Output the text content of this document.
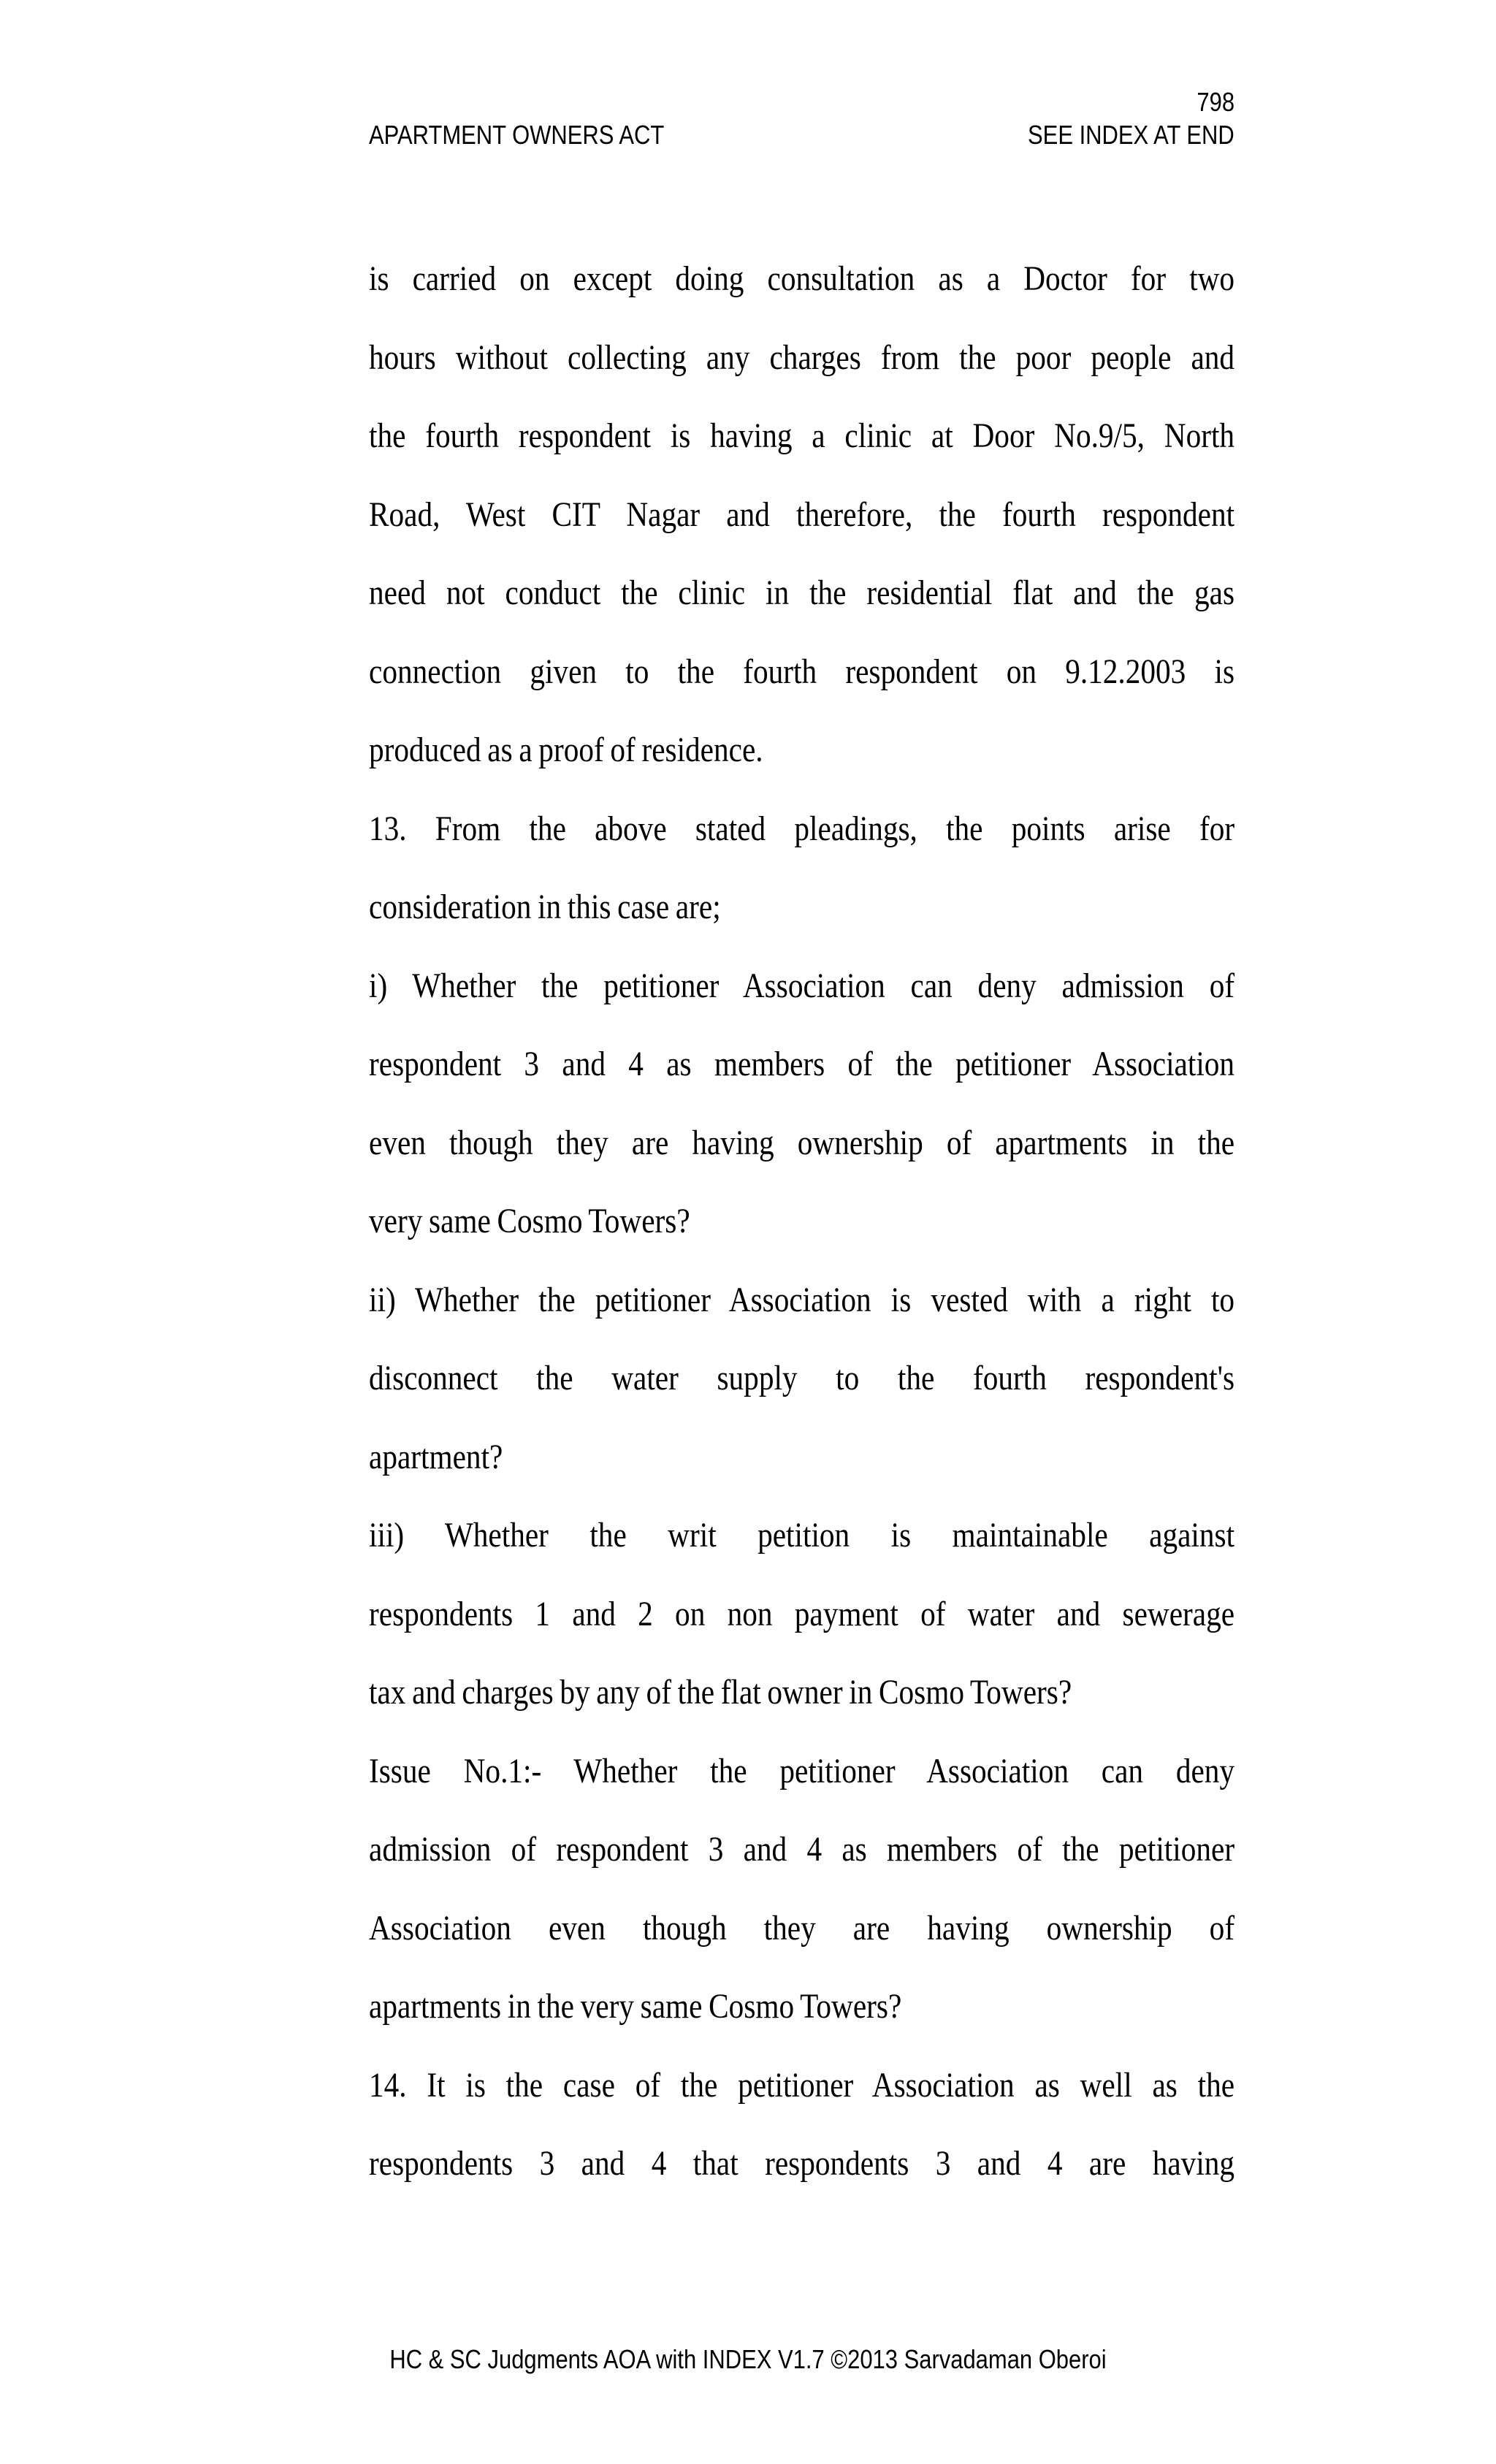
798
APARTMENT OWNERS ACT	SEE INDEX AT END
is carried on except doing consultation as a Doctor for two
hours without collecting any charges from the poor people and
the fourth respondent is having a clinic at Door No.9/5, North
Road, West CIT Nagar and therefore, the fourth respondent
need not conduct the clinic in the residential flat and the gas
connection given to the fourth respondent on 9.12.2003 is
produced as a proof of residence.
13. From the above stated pleadings, the points arise for
consideration in this case are;
i) Whether the petitioner Association can deny admission of
respondent 3 and 4 as members of the petitioner Association
even though they are having ownership of apartments in the
very same Cosmo Towers?
ii) Whether the petitioner Association is vested with a right to
disconnect the water supply to the fourth respondent's
apartment?
iii) Whether the writ petition is maintainable against
respondents 1 and 2 on non payment of water and sewerage
tax and charges by any of the flat owner in Cosmo Towers?
Issue No.1:- Whether the petitioner Association can deny
admission of respondent 3 and 4 as members of the petitioner
Association even though they are having ownership of
apartments in the very same Cosmo Towers?
14. It is the case of the petitioner Association as well as the
respondents 3 and 4 that respondents 3 and 4 are having
HC & SC Judgments AOA with INDEX V1.7 ©2013 Sarvadaman Oberoi
